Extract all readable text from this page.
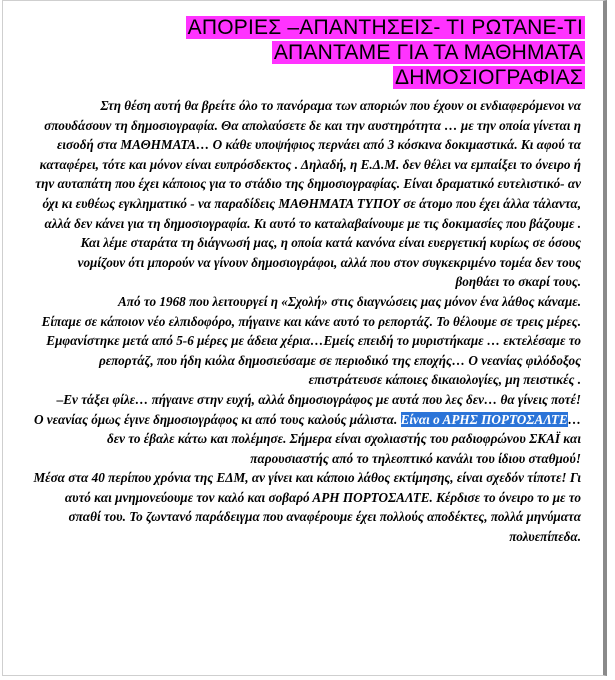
ΑΠΟΡΙΕΣ –ΑΠΑΝΤΗΣΕΙΣ- ΤΙ ΡΩΤΑΝΕ-ΤΙ
ΑΠΑΝΤΑΜΕ ΓΙΑ ΤΑ ΜΑΘΗΜΑΤΑ
ΔΗΜΟΣΙΟΓΡΑΦΙΑΣ

Στη θέση αυτή θα βρείτε όλο το πανόραμα των αποριών που έχουν οι ενδιαφερόμενοι να σπουδάσουν τη δημοσιογραφία. Θα απολαύσετε δε και την αυστηρότητα … με την οποία γίνεται η εισοδή στα ΜΑΘΗΜΑΤΑ… Ο κάθε υποψήφιος περνάει από 3 κόσκινα δοκιμαστικά. Κι αφού τα καταφέρει, τότε και μόνον είναι ευπρόσδεκτος . Δηλαδή, η Ε.Δ.Μ. δεν θέλει να εμπαίξει το όνειρο ή την αυταπάτη που έχει κάποιος για το στάδιο της δημοσιογραφίας. Είναι δραματικό ευτελιστικό- αν όχι κι ευθέως εγκληματικό - να παραδίδεις ΜΑΘΗΜΑΤΑ ΤΥΠΟΥ σε άτομο που έχει άλλα τάλαντα, αλλά δεν κάνει για τη δημοσιογραφία. Κι αυτό το καταλαβαίνουμε με τις δοκιμασίες που βάζουμε . Και λέμε σταράτα τη διάγνωσή μας, η οποία κατά κανόνα είναι ευεργετική κυρίως σε όσους νομίζουν ότι μπορούν να γίνουν δημοσιογράφοι, αλλά που στον συγκεκριμένο τομέα δεν τους βοηθάει το σκαρί τους.

Από το 1968 που λειτουργεί η «Σχολή» στις διαγνώσεις μας μόνον ένα λάθος κάναμε.

Είπαμε σε κάποιον νέο ελπιδοφόρο, πήγαινε και κάνε αυτό το ρεπορτάζ. Το θέλουμε σε τρεις μέρες. Εμφανίστηκε μετά από 5-6 μέρες με άδεια χέρια…Εμείς επειδή το μυριστήκαμε … εκτελέσαμε το ρεπορτάζ, που ήδη κιόλα δημοσιεύσαμε σε περιοδικό της εποχής… Ο νεανίας φιλόδοξος επιστράτευσε κάποιες δικαιολογίες, μη πειστικές .

–Εν τάξει φίλε… πήγαινε στην ευχή, αλλά δημοσιογράφος με αυτά που λες δεν… θα γίνεις ποτέ!

Ο νεανίας όμως έγινε δημοσιογράφος κι από τους καλούς μάλιστα. Είναι ο ΑΡΗΣ ΠΟΡΤΟΣΑΛΤΕ… δεν το έβαλε κάτω και πολέμησε. Σήμερα είναι σχολιαστής του ραδιοφρώνου ΣΚΑΪ και παρουσιαστής από το τηλεοπτικό κανάλι του ίδιου σταθμού!

Μέσα στα 40 περίπου χρόνια της ΕΔΜ, αν γίνει και κάποιο λάθος εκτίμησης, είναι σχεδόν τίποτε! Γι αυτό και μνημονεύουμε τον καλό και σοβαρό ΑΡΗ ΠΟΡΤΟΣΑΛΤΕ. Κέρδισε το όνειρο το με το σπαθί του. Το ζωντανό παράδειγμα που αναφέρουμε έχει πολλούς αποδέκτες, πολλά μηνύματα πολυεπίπεδα.
